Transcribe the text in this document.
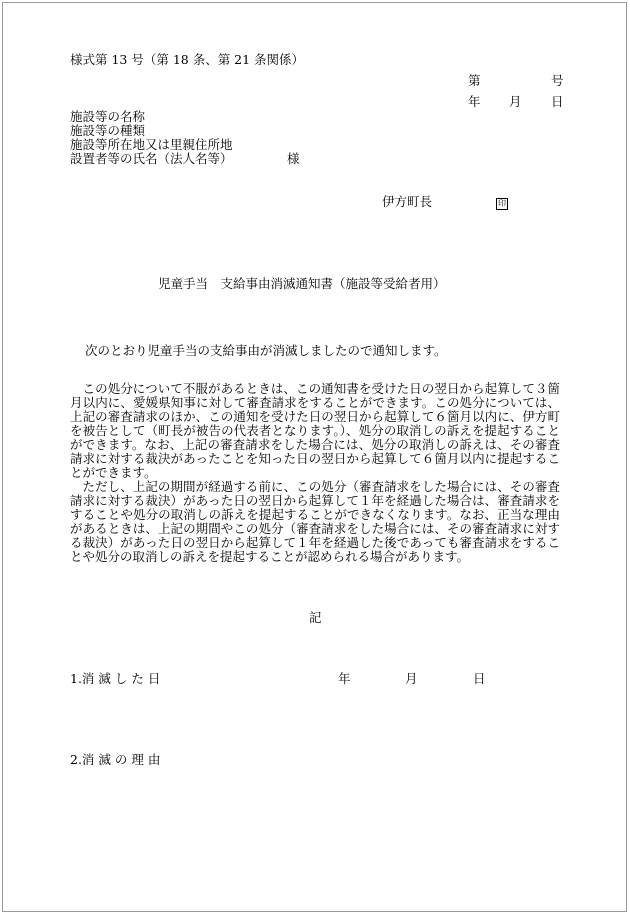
様式第 13 号（第 18 条、第 21 条関係）
第	号
年 月 日
施設等の名称
施設等の種類
施設等所在地又は里親住所地
設置者等の氏名（法人名等）	様
伊方町長	印
児童手当　支給事由消滅通知書（施設等受給者用）
次のとおり児童手当の支給事由が消滅しましたので通知します。

この処分について不服があるときは、この通知書を受けた日の翌日から起算して３箇月以内に、愛媛県知事に対して審査請求をすることができます。この処分については、上記の審査請求のほか、この通知を受けた日の翌日から起算して６箇月以内に、伊方町を被告として（町長が被告の代表者となります。）、処分の取消しの訴えを提起することができます。なお、上記の審査請求をした場合には、処分の取消しの訴えは、その審査請求に対する裁決があったことを知った日の翌日から起算して６箇月以内に提起することができます。

ただし、上記の期間が経過する前に、この処分（審査請求をした場合には、その審査請求に対する裁決）があった日の翌日から起算して１年を経過した場合は、審査請求をすることや処分の取消しの訴えを提起することができなくなります。なお、正当な理由があるときは、上記の期間やこの処分（審査請求をした場合には、その審査請求に対する裁決）があった日の翌日から起算して１年を経過した後であっても審査請求をすることや処分の取消しの訴えを提起することが認められる場合があります。

記
1.消 滅 し た 日	年	月	日
2.消 滅 の 理 由
